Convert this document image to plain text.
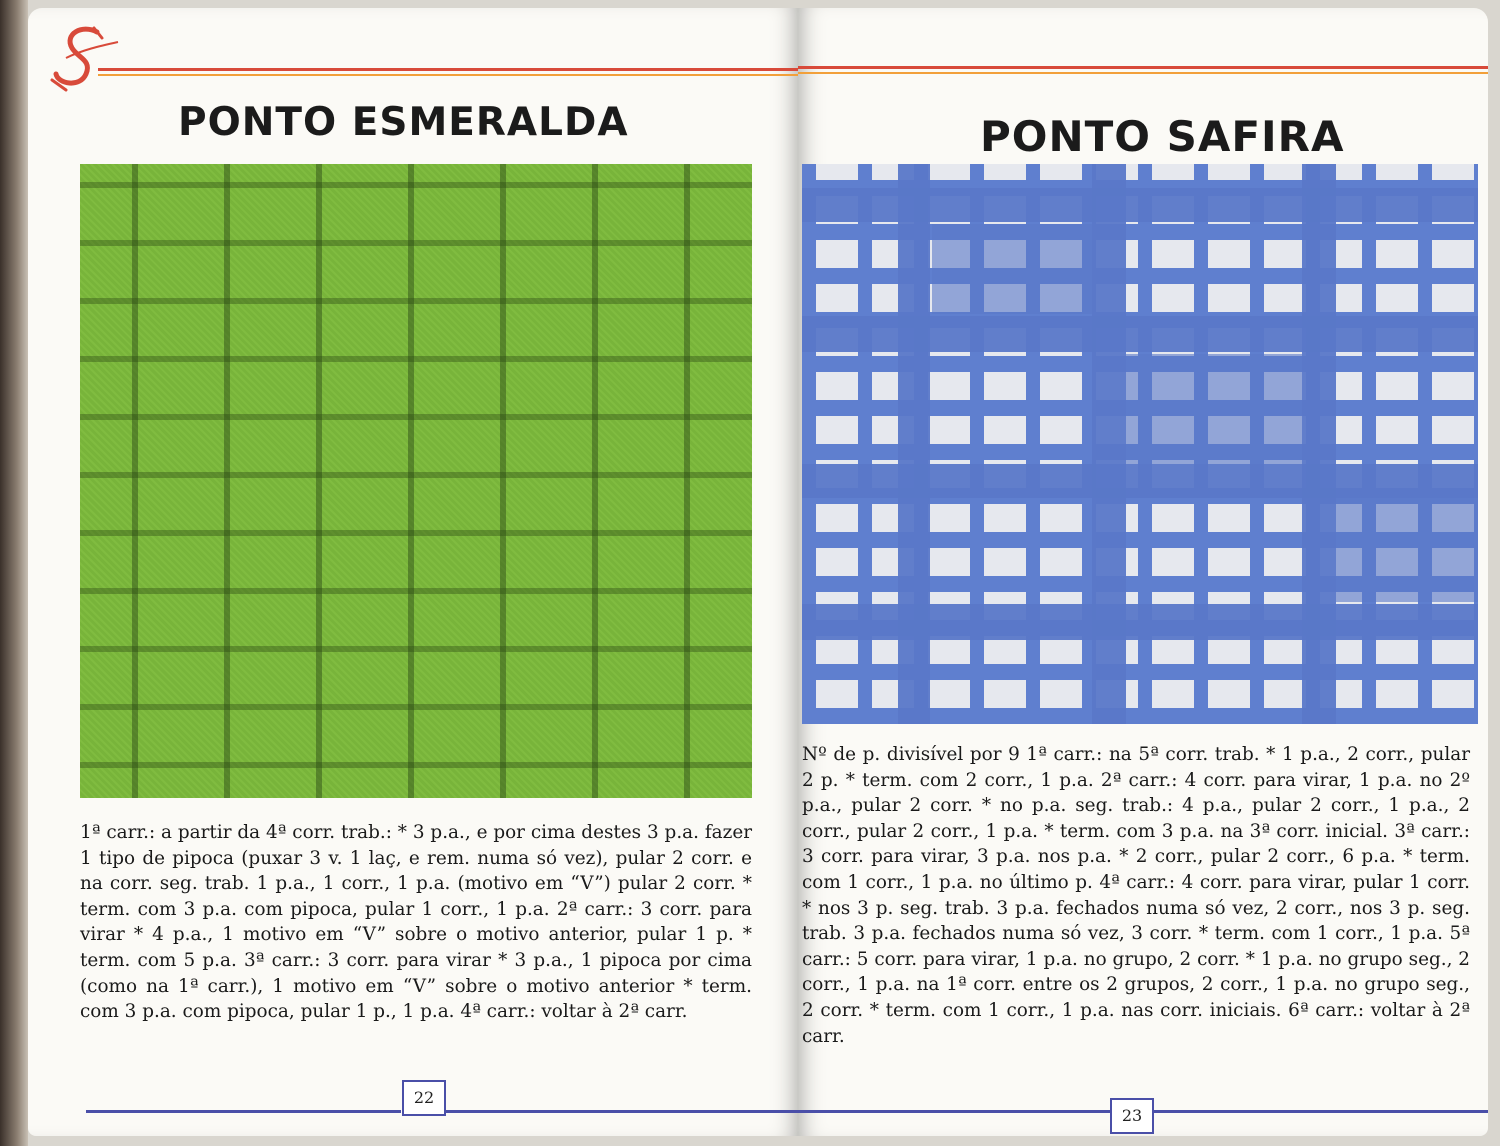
PONTO ESMERALDA

1ª carr.: a partir da 4ª corr. trab.: * 3 p.a., e por cima destes 3 p.a. fazer 1 tipo de pipoca (puxar 3 v. 1 laç, e rem. numa só vez), pular 2 corr. e na corr. seg. trab. 1 p.a., 1 corr., 1 p.a. (motivo em “V”) pular 2 corr. * term. com 3 p.a. com pipoca, pular 1 corr., 1 p.a. 2ª carr.: 3 corr. para virar * 4 p.a., 1 motivo em “V” sobre o motivo anterior, pular 1 p. * term. com 5 p.a. 3ª carr.: 3 corr. para virar * 3 p.a., 1 pipoca por cima (como na 1ª carr.), 1 motivo em “V” sobre o motivo anterior * term. com 3 p.a. com pipoca, pular 1 p., 1 p.a. 4ª carr.: voltar à 2ª carr.

22
PONTO SAFIRA

Nº de p. divisível por 9 1ª carr.: na 5ª corr. trab. * 1 p.a., 2 corr., pular 2 p. * term. com 2 corr., 1 p.a. 2ª carr.: 4 corr. para virar, 1 p.a. no 2º p.a., pular 2 corr. * no p.a. seg. trab.: 4 p.a., pular 2 corr., 1 p.a., 2 corr., pular 2 corr., 1 p.a. * term. com 3 p.a. na 3ª corr. inicial. 3ª carr.: 3 corr. para virar, 3 p.a. nos p.a. * 2 corr., pular 2 corr., 6 p.a. * term. com 1 corr., 1 p.a. no último p. 4ª carr.: 4 corr. para virar, pular 1 corr. * nos 3 p. seg. trab. 3 p.a. fechados numa só vez, 2 corr., nos 3 p. seg. trab. 3 p.a. fechados numa só vez, 3 corr. * term. com 1 corr., 1 p.a. 5ª carr.: 5 corr. para virar, 1 p.a. no grupo, 2 corr. * 1 p.a. no grupo seg., 2 corr., 1 p.a. na 1ª corr. entre os 2 grupos, 2 corr., 1 p.a. no grupo seg., 2 corr. * term. com 1 corr., 1 p.a. nas corr. iniciais. 6ª carr.: voltar à 2ª carr.

23
